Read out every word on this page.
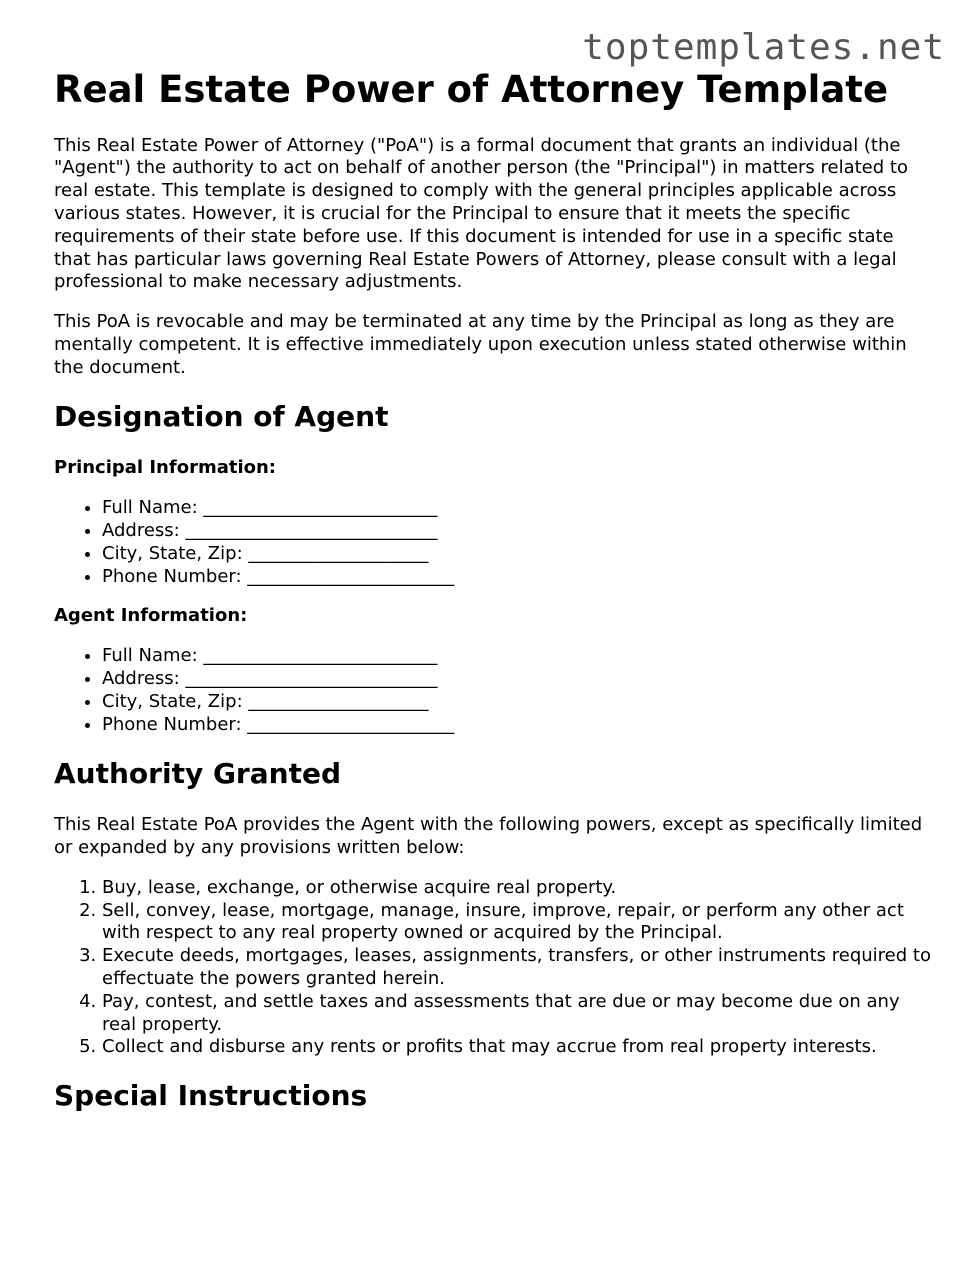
toptemplates.net
Real Estate Power of Attorney Template

This Real Estate Power of Attorney ("PoA") is a formal document that grants an individual (the "Agent") the authority to act on behalf of another person (the "Principal") in matters related to real estate. This template is designed to comply with the general principles applicable across various states. However, it is crucial for the Principal to ensure that it meets the specific requirements of their state before use. If this document is intended for use in a specific state that has particular laws governing Real Estate Powers of Attorney, please consult with a legal professional to make necessary adjustments.

This PoA is revocable and may be terminated at any time by the Principal as long as they are mentally competent. It is effective immediately upon execution unless stated otherwise within the document.

Designation of Agent
Principal Information:
• Full Name: __________________________
• Address: ____________________________
• City, State, Zip: ____________________
• Phone Number: _______________________
Agent Information:
• Full Name: __________________________
• Address: ____________________________
• City, State, Zip: ____________________
• Phone Number: _______________________
Authority Granted

This Real Estate PoA provides the Agent with the following powers, except as specifically limited or expanded by any provisions written below:

1. Buy, lease, exchange, or otherwise acquire real property.
2. Sell, convey, lease, mortgage, manage, insure, improve, repair, or perform any other act with respect to any real property owned or acquired by the Principal.
3. Execute deeds, mortgages, leases, assignments, transfers, or other instruments required to effectuate the powers granted herein.
4. Pay, contest, and settle taxes and assessments that are due or may become due on any real property.
5. Collect and disburse any rents or profits that may accrue from real property interests.
Special Instructions
